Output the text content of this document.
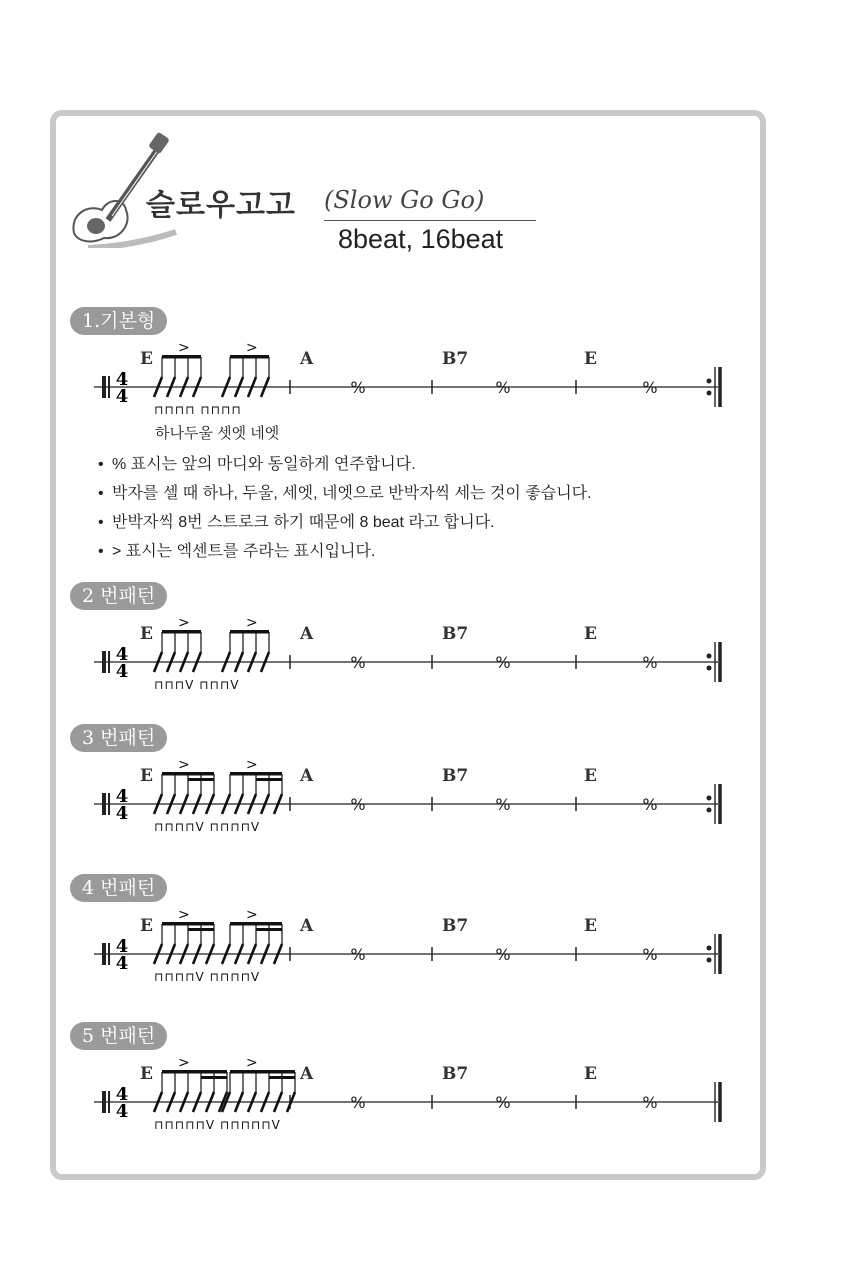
슬로우고고 (Slow Go Go)
8beat, 16beat
1.기본형
2 번패턴
3 번패턴
4 번패턴
5 번패턴
4
4
E	A	B7	E
%	%	%
>	>
⊓⊓⊓⊓ ⊓⊓⊓⊓
4
4
E	A	B7	E
%	%	%
>	>
⊓⊓⊓V ⊓⊓⊓V
4
4
E	A	B7	E
%	%	%
>	>
⊓⊓⊓⊓V ⊓⊓⊓⊓V
4
4
E	A	B7	E
%	%	%
>	>
⊓⊓⊓⊓V ⊓⊓⊓⊓V
4
4
E	A	B7	E
%	%	%
>	>
⊓⊓⊓⊓⊓V ⊓⊓⊓⊓⊓V
하나두울 셋엣 네엣
• % 표시는 앞의 마디와 동일하게 연주합니다.
• 박자를 셀 때 하나, 두울, 세엣, 네엣으로 반박자씩 세는 것이 좋습니다.
• 반박자씩 8번 스트로크 하기 때문에 8 beat 라고 합니다.
• > 표시는 엑센트를 주라는 표시입니다.
